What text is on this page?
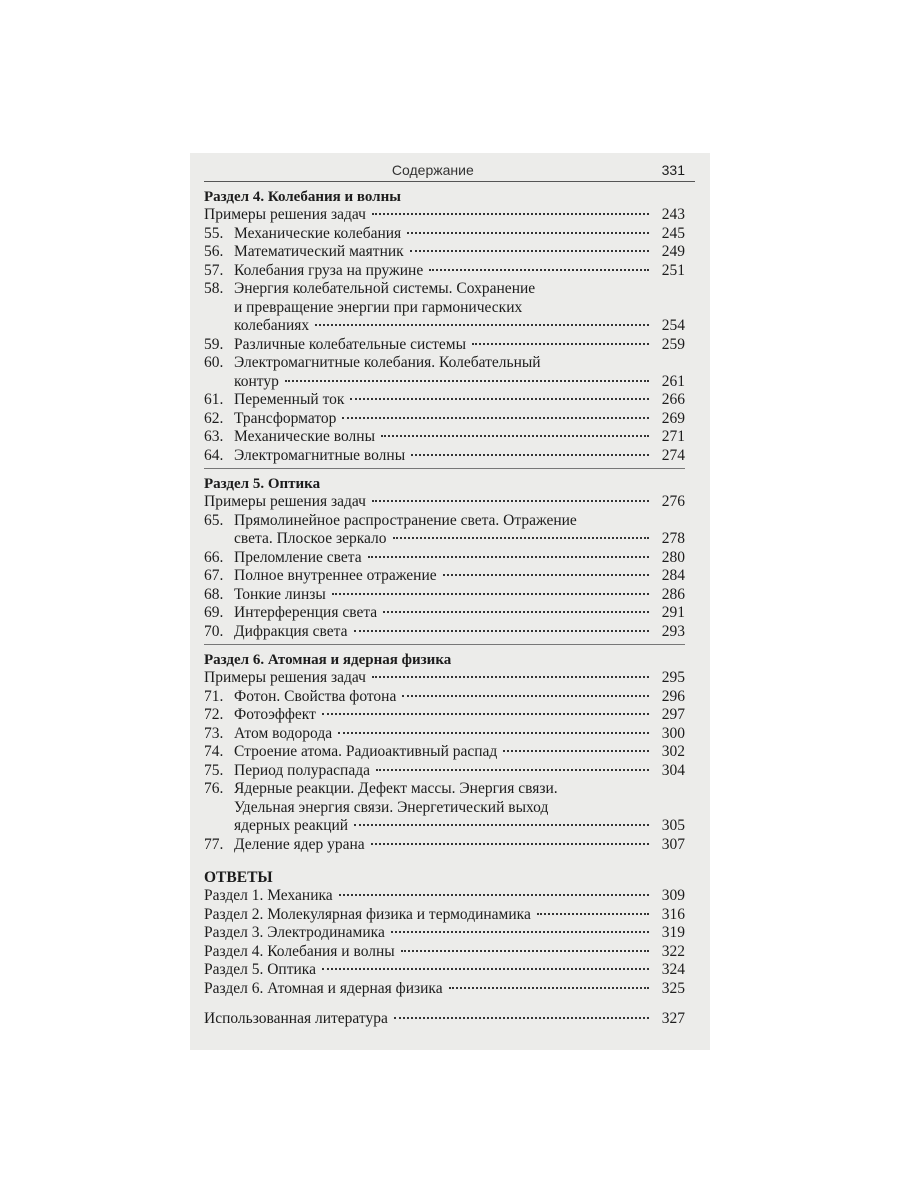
Содержание	331
Раздел 4. Колебания и волны
Примеры решения задач	243
55. Механические колебания	245
56. Математический маятник	249
57. Колебания груза на пружине	251
58. Энергия колебательной системы. Сохранение
и превращение энергии при гармонических
колебаниях	254
59. Различные колебательные системы	259
60. Электромагнитные колебания. Колебательный
контур	261
61. Переменный ток	266
62. Трансформатор	269
63. Механические волны	271
64. Электромагнитные волны	274
Раздел 5. Оптика
Примеры решения задач	276
65. Прямолинейное распространение света. Отражение
света. Плоское зеркало	278
66. Преломление света	280
67. Полное внутреннее отражение	284
68. Тонкие линзы	286
69. Интерференция света	291
70. Дифракция света	293
Раздел 6. Атомная и ядерная физика
Примеры решения задач	295
71. Фотон. Свойства фотона	296
72. Фотоэффект	297
73. Атом водорода	300
74. Строение атома. Радиоактивный распад	302
75. Период полураспада	304
76. Ядерные реакции. Дефект массы. Энергия связи.
Удельная энергия связи. Энергетический выход
ядерных реакций	305
77. Деление ядер урана	307
ОТВЕТЫ
Раздел 1. Механика	309
Раздел 2. Молекулярная физика и термодинамика	316
Раздел 3. Электродинамика	319
Раздел 4. Колебания и волны	322
Раздел 5. Оптика	324
Раздел 6. Атомная и ядерная физика	325
Использованная литература	327
